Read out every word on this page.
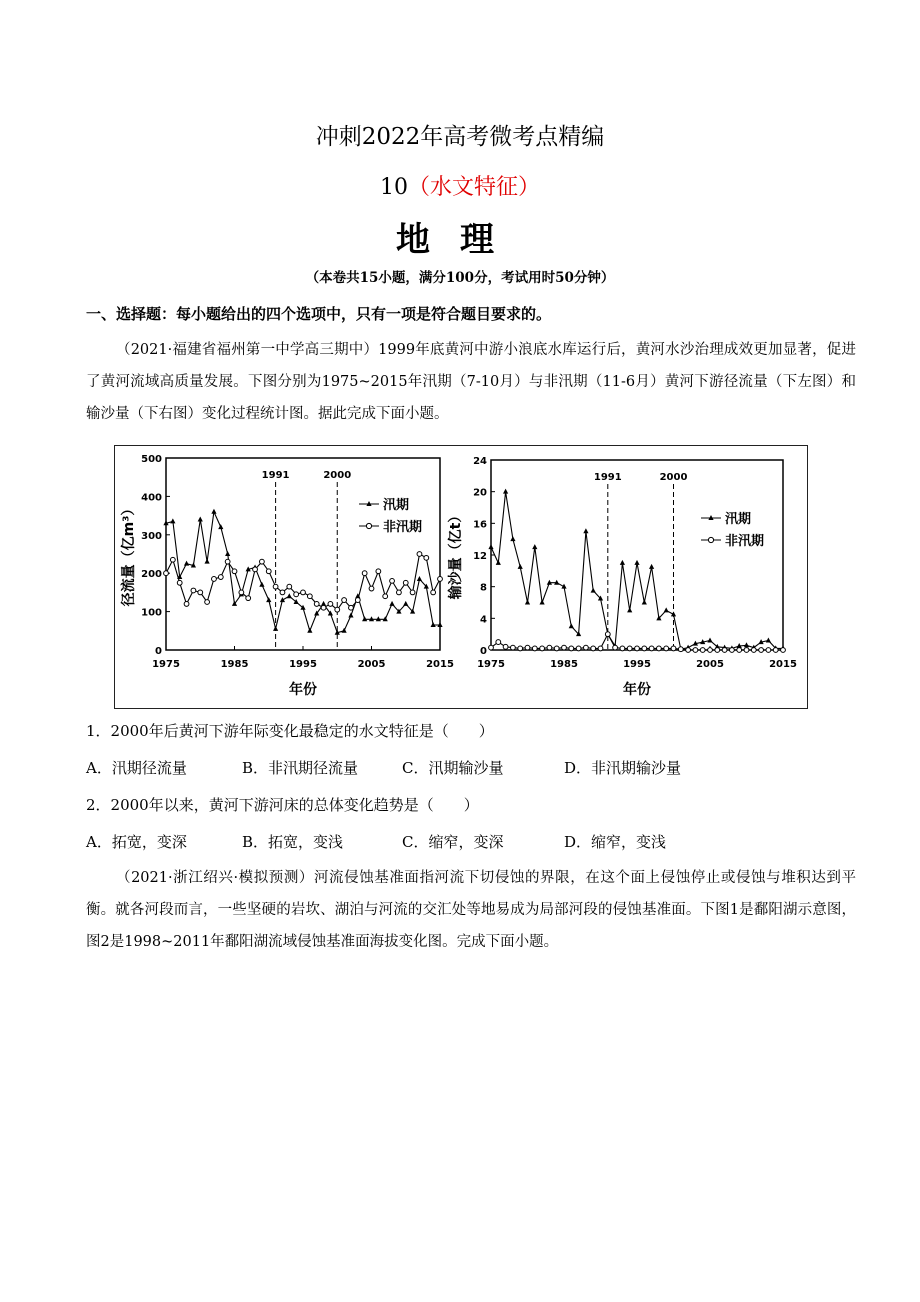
冲刺2022年高考微考点精编
10（水文特征）
地理
（本卷共15小题，满分100分，考试用时50分钟）
一、选择题：每小题给出的四个选项中，只有一项是符合题目要求的。

（2021·福建省福州第一中学高三期中）1999年底黄河中游小浪底水库运行后，黄河水沙治理成效更加显著，促进了黄河流域高质量发展。下图分别为1975~2015年汛期（7-10月）与非汛期（11-6月）黄河下游径流量（下左图）和输沙量（下右图）变化过程统计图。据此完成下面小题。

0
100
200
300
400
500
1975	1985	1995	2005	2015
1991	2000
年份
径流量（亿m³）	汛期
非汛期
0
4
8
12
16
20
24
1975	1985	1995	2005	2015
1991	2000
年份
输沙量（亿t）	汛期
非汛期
1．2000年后黄河下游年际变化最稳定的水文特征是（　　）
A．汛期径流量	B．非汛期径流量	C．汛期输沙量	D．非汛期输沙量
2．2000年以来，黄河下游河床的总体变化趋势是（　　）
A．拓宽，变深	B．拓宽，变浅	C．缩窄，变深	D．缩窄，变浅

（2021·浙江绍兴·模拟预测）河流侵蚀基准面指河流下切侵蚀的界限，在这个面上侵蚀停止或侵蚀与堆积达到平衡。就各河段而言，一些坚硬的岩坎、湖泊与河流的交汇处等地易成为局部河段的侵蚀基准面。下图1是鄱阳湖示意图，图2是1998~2011年鄱阳湖流域侵蚀基准面海拔变化图。完成下面小题。
